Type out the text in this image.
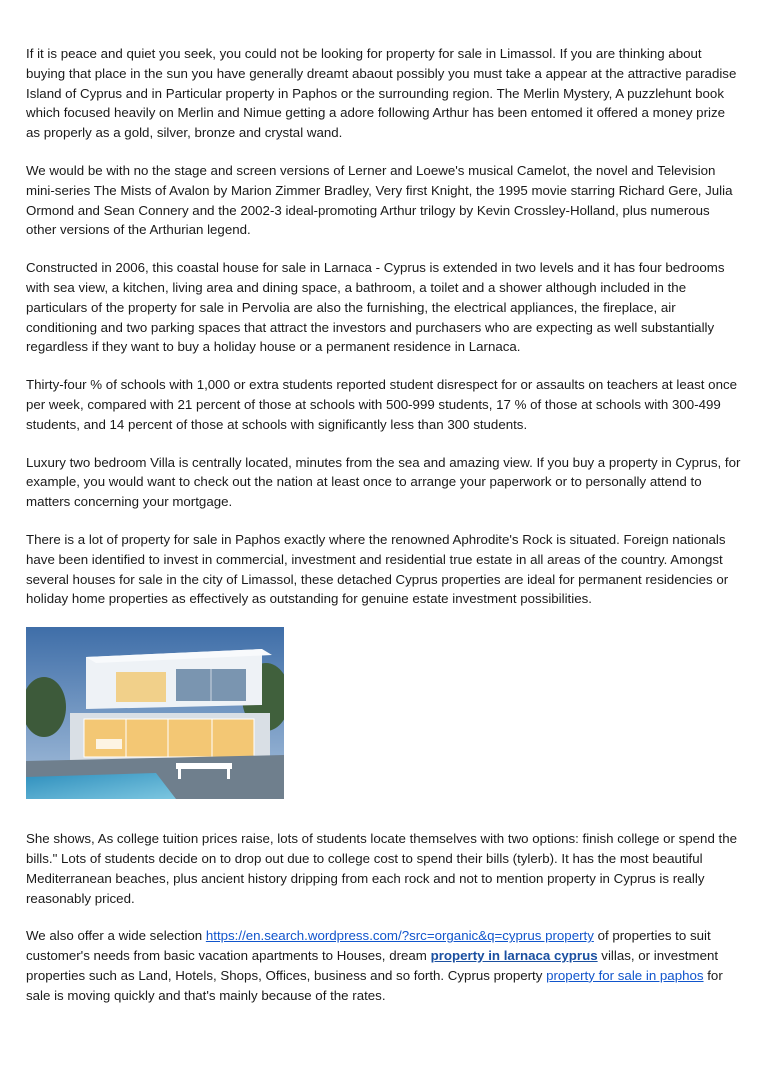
If it is peace and quiet you seek, you could not be looking for property for sale in Limassol. If you are thinking about buying that place in the sun you have generally dreamt abaout possibly you must take a appear at the attractive paradise Island of Cyprus and in Particular property in Paphos or the surrounding region. The Merlin Mystery, A puzzlehunt book which focused heavily on Merlin and Nimue getting a adore following Arthur has been entomed it offered a money prize as properly as a gold, silver, bronze and crystal wand.

We would be with no the stage and screen versions of Lerner and Loewe's musical Camelot, the novel and Television mini-series The Mists of Avalon by Marion Zimmer Bradley, Very first Knight, the 1995 movie starring Richard Gere, Julia Ormond and Sean Connery and the 2002-3 ideal-promoting Arthur trilogy by Kevin Crossley-Holland, plus numerous other versions of the Arthurian legend.

Constructed in 2006, this coastal house for sale in Larnaca - Cyprus is extended in two levels and it has four bedrooms with sea view, a kitchen, living area and dining space, a bathroom, a toilet and a shower although included in the particulars of the property for sale in Pervolia are also the furnishing, the electrical appliances, the fireplace, air conditioning and two parking spaces that attract the investors and purchasers who are expecting as well substantially regardless if they want to buy a holiday house or a permanent residence in Larnaca.

Thirty-four % of schools with 1,000 or extra students reported student disrespect for or assaults on teachers at least once per week, compared with 21 percent of those at schools with 500-999 students, 17 % of those at schools with 300-499 students, and 14 percent of those at schools with significantly less than 300 students.

Luxury two bedroom Villa is centrally located, minutes from the sea and amazing view. If you buy a property in Cyprus, for example, you would want to check out the nation at least once to arrange your paperwork or to personally attend to matters concerning your mortgage.

There is a lot of property for sale in Paphos exactly where the renowned Aphrodite's Rock is situated. Foreign nationals have been identified to invest in commercial, investment and residential true estate in all areas of the country. Amongst several houses for sale in the city of Limassol, these detached Cyprus properties are ideal for permanent residencies or holiday home properties as effectively as outstanding for genuine estate investment possibilities.

She shows, As college tuition prices raise, lots of students locate themselves with two options: finish college or spend the bills." Lots of students decide on to drop out due to college cost to spend their bills (tylerb). It has the most beautiful Mediterranean beaches, plus ancient history dripping from each rock and not to mention property in Cyprus is really reasonably priced.

We also offer a wide selection https://en.search.wordpress.com/?src=organic&q=cyprus property of properties to suit customer's needs from basic vacation apartments to Houses, dream property in larnaca cyprus villas, or investment properties such as Land, Hotels, Shops, Offices, business and so forth. Cyprus property property for sale in paphos for sale is moving quickly and that's mainly because of the rates.
